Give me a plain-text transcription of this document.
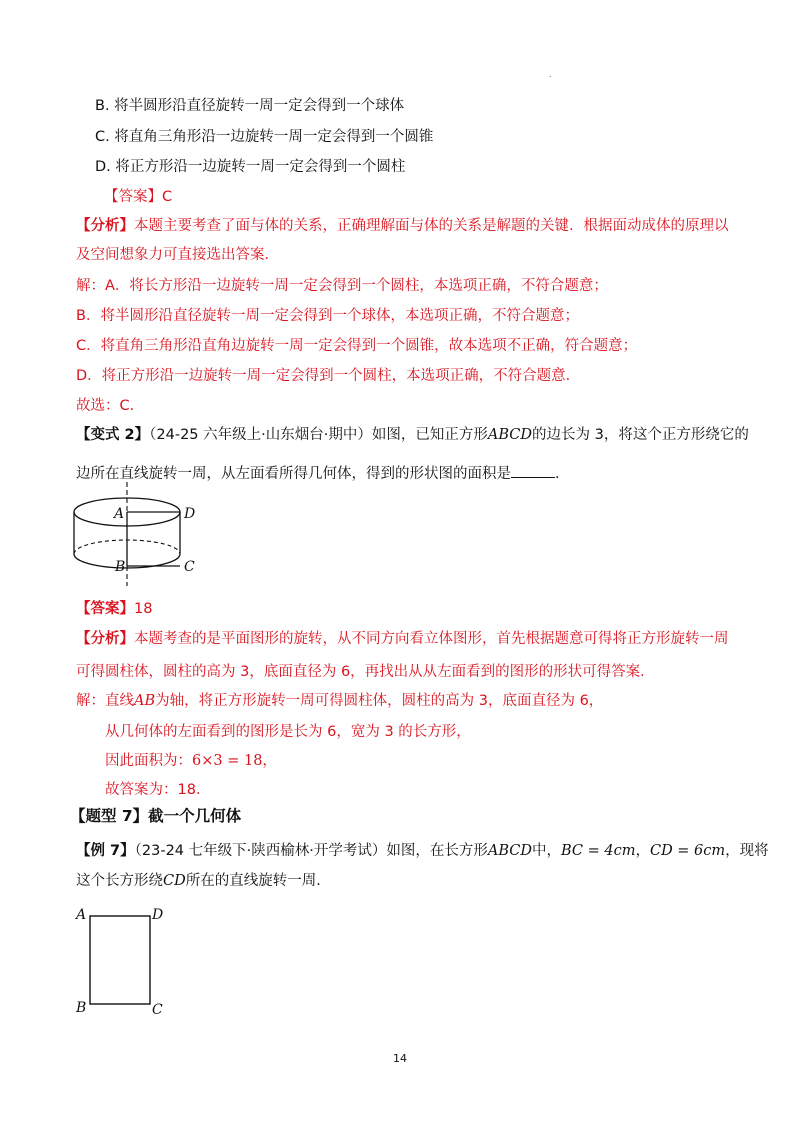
.
B. 将半圆形沿直径旋转一周一定会得到一个球体
C. 将直角三角形沿一边旋转一周一定会得到一个圆锥
D. 将正方形沿一边旋转一周一定会得到一个圆柱
【答案】C
【分析】本题主要考查了面与体的关系，正确理解面与体的关系是解题的关键．根据面动成体的原理以
及空间想象力可直接选出答案．
解：A．将长方形沿一边旋转一周一定会得到一个圆柱，本选项正确，不符合题意；
B．将半圆形沿直径旋转一周一定会得到一个球体，本选项正确，不符合题意；
C．将直角三角形沿直角边旋转一周一定会得到一个圆锥，故本选项不正确，符合题意；
D．将正方形沿一边旋转一周一定会得到一个圆柱，本选项正确，不符合题意．
故选：C．
【变式 2】（24-25 六年级上·山东烟台·期中）如图，已知正方形ABCD的边长为 3，将这个正方形绕它的
边所在直线旋转一周，从左面看所得几何体，得到的形状图的面积是	．
A	D
B	C
【答案】18
【分析】本题考查的是平面图形的旋转，从不同方向看立体图形，首先根据题意可得将正方形旋转一周
可得圆柱体，圆柱的高为 3，底面直径为 6，再找出从从左面看到的图形的形状可得答案．
解：直线AB为轴，将正方形旋转一周可得圆柱体，圆柱的高为 3，底面直径为 6，
从几何体的左面看到的图形是长为 6，宽为 3 的长方形，
因此面积为：6×3 = 18，
故答案为：18．
【题型 7】截一个几何体
【例 7】（23-24 七年级下·陕西榆林·开学考试）如图，在长方形ABCD中，BC = 4cm，CD = 6cm，现将
这个长方形绕CD所在的直线旋转一周．
A	D
B	C
14
